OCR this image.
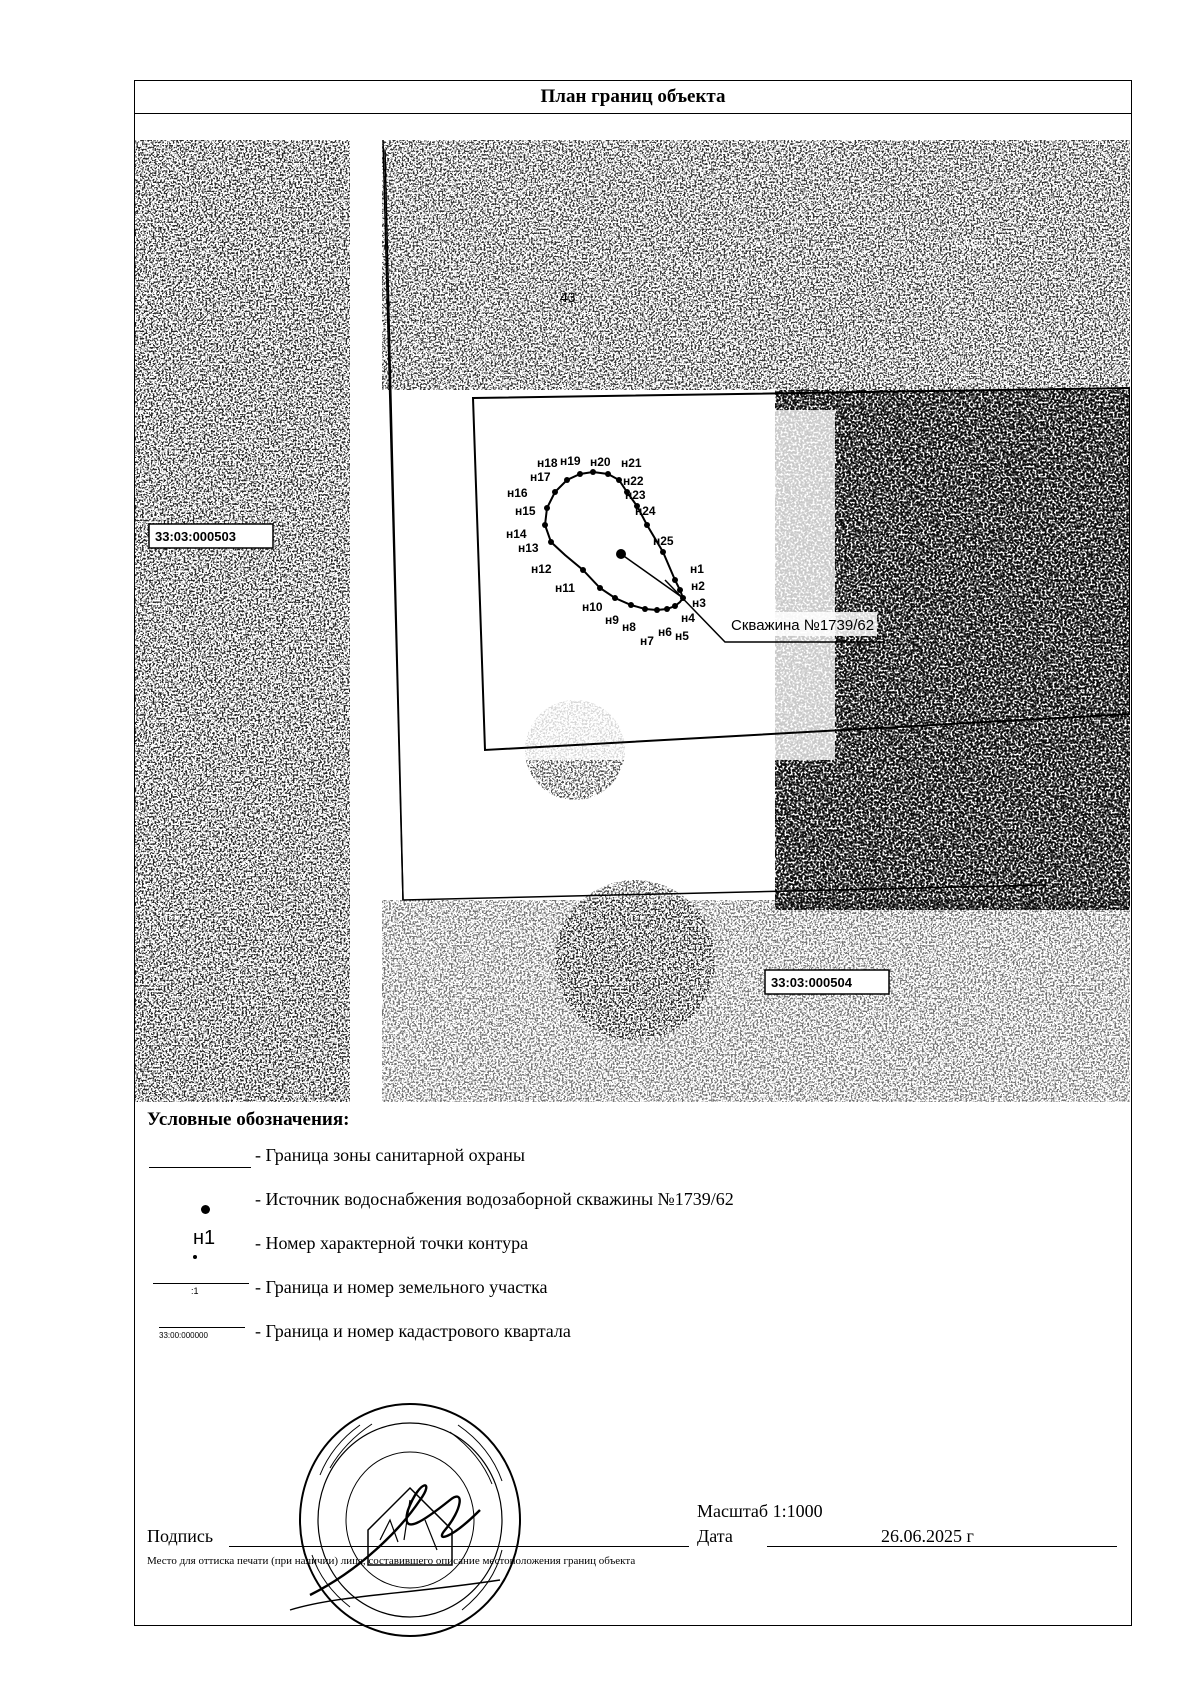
План границ объекта
н1
н2
н3
н4
н5
н6
н7
н8
н9
н10
н11
н12
н13
н14
н15
н16
н17
н18 н19 н20 н21
н22
н23
н24
н25
Скважина №1739/62
43
Yandex
33:03:000503
33:03:000504
Условные обозначения:
- Граница зоны санитарной охраны
- Источник водоснабжения водозаборной скважины №1739/62
н1 - Номер характерной точки контура
:1	- Граница и номер земельного участка
33:00:000000	- Граница и номер кадастрового квартала
Масштаб 1:1000
Подпись	Дата	26.06.2025 г
Место для оттиска печати (при наличии) лица, составившего описание местоположения границ объекта
